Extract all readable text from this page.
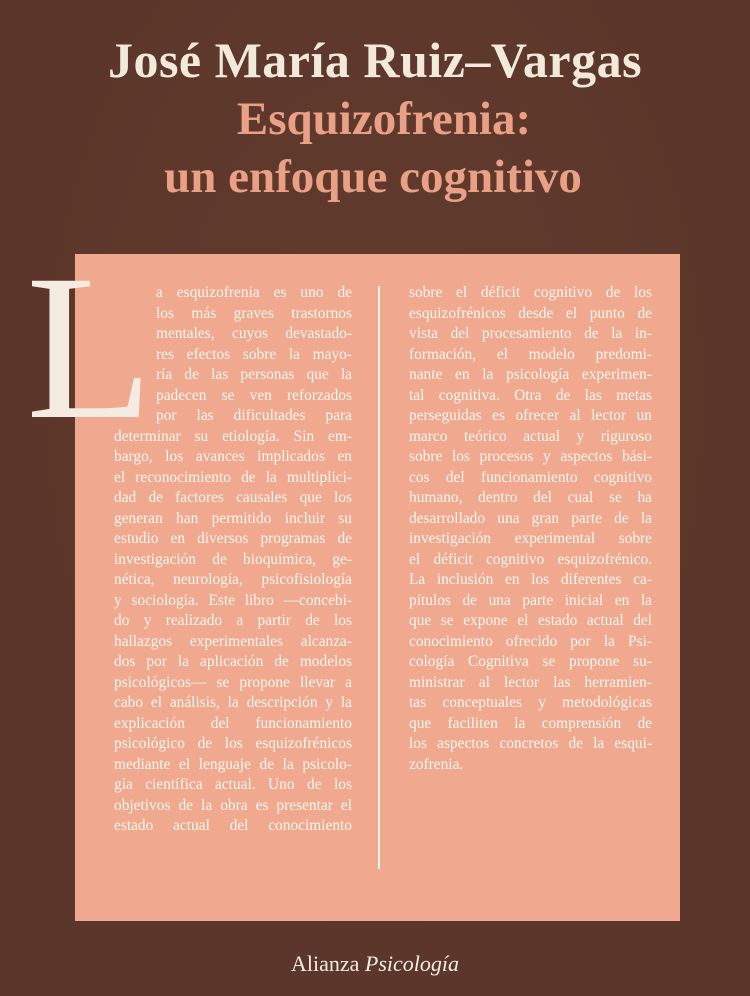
José María Ruiz–Vargas
Esquizofrenia:
un enfoque cognitivo
L a esquizofrenia es uno de
los más graves trastornos
mentales, cuyos devastado-
res efectos sobre la mayo-
ría de las personas que la
padecen se ven reforzados
por las dificultades para
determinar su etiología. Sin em-
bargo, los avances implicados en
el reconocimiento de la multiplici-
dad de factores causales que los
generan han permitido incluir su
estudio en diversos programas de
investigación de bioquímica, ge-
nética, neurología, psicofisiología
y sociología. Este libro —concebi-
do y realizado a partir de los
hallazgos experimentales alcanza-
dos por la aplicación de modelos
psicológicos— se propone llevar a
cabo el análisis, la descripción y la
explicación del funcionamiento
psicológico de los esquizofrénicos
mediante el lenguaje de la psicolo-
gía científica actual. Uno de los
objetivos de la obra es presentar el
estado actual del conocimiento
sobre el déficit cognitivo de los
esquizofrénicos desde el punto de
vista del procesamiento de la in-
formación, el modelo predomi-
nante en la psicología experimen-
tal cognitiva. Otra de las metas
perseguidas es ofrecer al lector un
marco teórico actual y riguroso
sobre los procesos y aspectos bási-
cos del funcionamiento cognitivo
humano, dentro del cual se ha
desarrollado una gran parte de la
investigación experimental sobre
el déficit cognitivo esquizofrénico.
La inclusión en los diferentes ca-
pítulos de una parte inicial en la
que se expone el estado actual del
conocimiento ofrecido por la Psi-
cología Cognitiva se propone su-
ministrar al lector las herramien-
tas conceptuales y metodológicas
que faciliten la comprensión de
los aspectos concretos de la esqui-
zofrenia.
Alianza Psicología
